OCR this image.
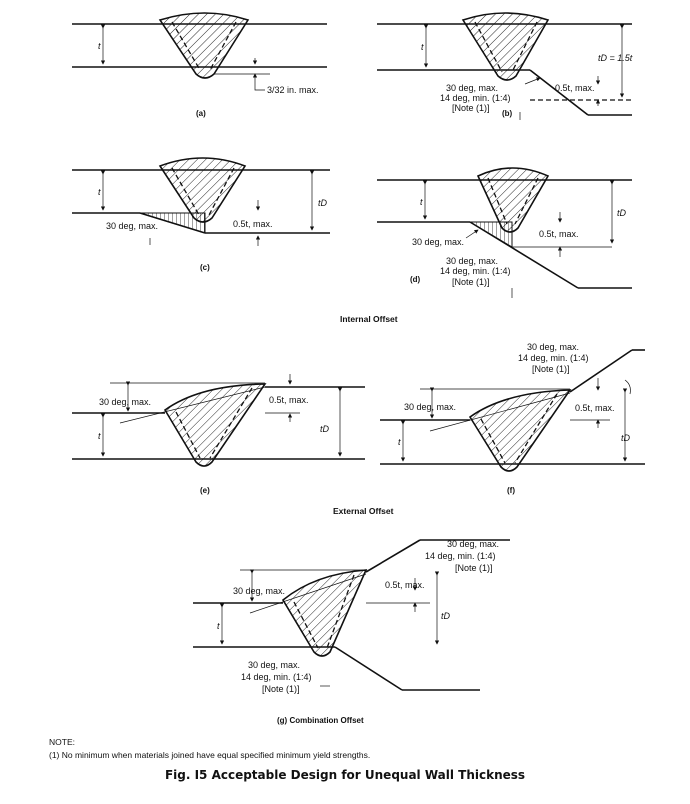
t
3/32 in. max.
(a)
t
tD = 1.5t
0.5t, max.
30 deg, max.
14 deg, min. (1:4)
[Note (1)]
(b)
t
tD
0.5t, max.
30 deg, max.
(c)
t
tD
0.5t, max.
30 deg, max.
30 deg, max.
14 deg, min. (1:4)
[Note (1)]
(d)
Internal Offset
t
tD
0.5t, max.
30 deg, max.
(e)
30 deg, max.
14 deg, min. (1:4)
[Note (1)]
t	tD
0.5t, max.
30 deg, max.
(f)
External Offset
30 deg, max.
14 deg, min. (1:4)
[Note (1)]
t
tD
0.5t, max.
30 deg, max.
30 deg, max.
14 deg, min. (1:4)
[Note (1)]
(g) Combination Offset
NOTE:
(1) No minimum when materials joined have equal specified minimum yield strengths.
Fig. I5 Acceptable Design for Unequal Wall Thickness
